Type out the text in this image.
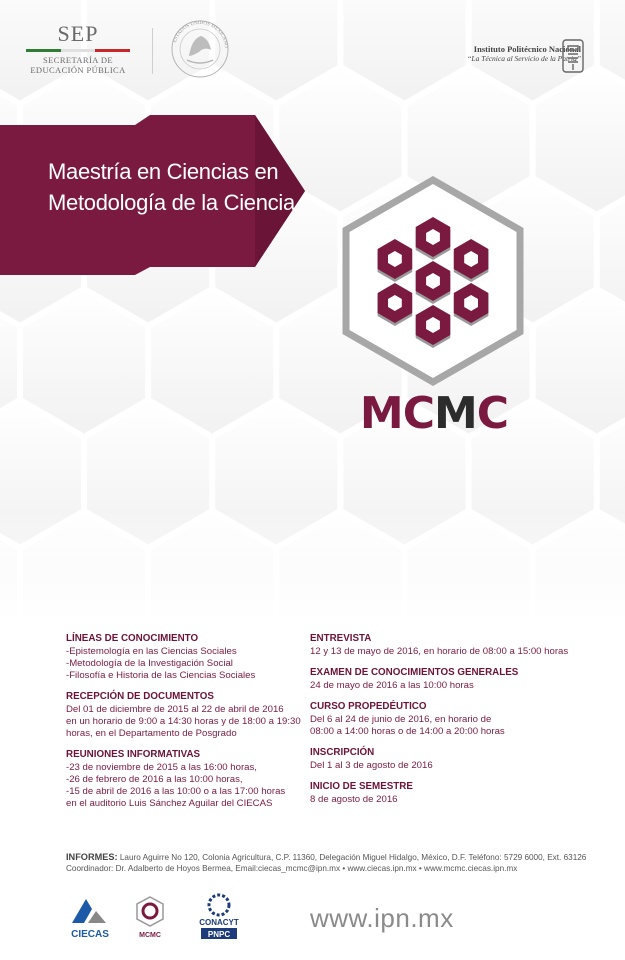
SEP
SECRETARÍA DE
EDUCACIÓN PÚBLICA
ESTADOS UNIDOS MEXICANO	Instituto Politécnico Nacional
“La Técnica al Servicio de la Patria”
Maestría en Ciencias en
Metodología de la Ciencia
MCMC
LÍNEAS DE CONOCIMIENTO
-Epistemología en las Ciencias Sociales
-Metodología de la Investigación Social
-Filosofía e Historia de las Ciencias Sociales
RECEPCIÓN DE DOCUMENTOS
Del 01 de diciembre de 2015 al 22 de abril de 2016
en un horario de 9:00 a 14:30 horas y de 18:00 a 19:30
horas, en el Departamento de Posgrado
REUNIONES INFORMATIVAS
-23 de noviembre de 2015 a las 16:00 horas,
-26 de febrero de 2016 a las 10:00 horas,
-15 de abril de 2016 a las 10:00 o a las 17:00 horas
en el auditorio Luis Sánchez Aguilar del CIECAS
ENTREVISTA
12 y 13 de mayo de 2016, en horario de 08:00 a 15:00 horas
EXAMEN DE CONOCIMIENTOS GENERALES
24 de mayo de 2016 a las 10:00 horas
CURSO PROPEDÉUTICO
Del 6 al 24 de junio de 2016, en horario de
08:00 a 14:00 horas o de 14:00 a 20:00 horas
INSCRIPCIÓN
Del 1 al 3 de agosto de 2016
INICIO DE SEMESTRE
8 de agosto de 2016
INFORMES: Lauro Aguirre No 120, Colonia Agricultura, C.P. 11360, Delegación Miguel Hidalgo, México, D.F. Teléfono: 5729 6000, Ext. 63126
Coordinador: Dr. Adalberto de Hoyos Bermea, Email:ciecas_mcmc@ipn.mx • www.ciecas.ipn.mx • www.mcmc.ciecas.ipn.mx
CIECAS	MCMC
CONACYT
PNPC
www.ipn.mx
